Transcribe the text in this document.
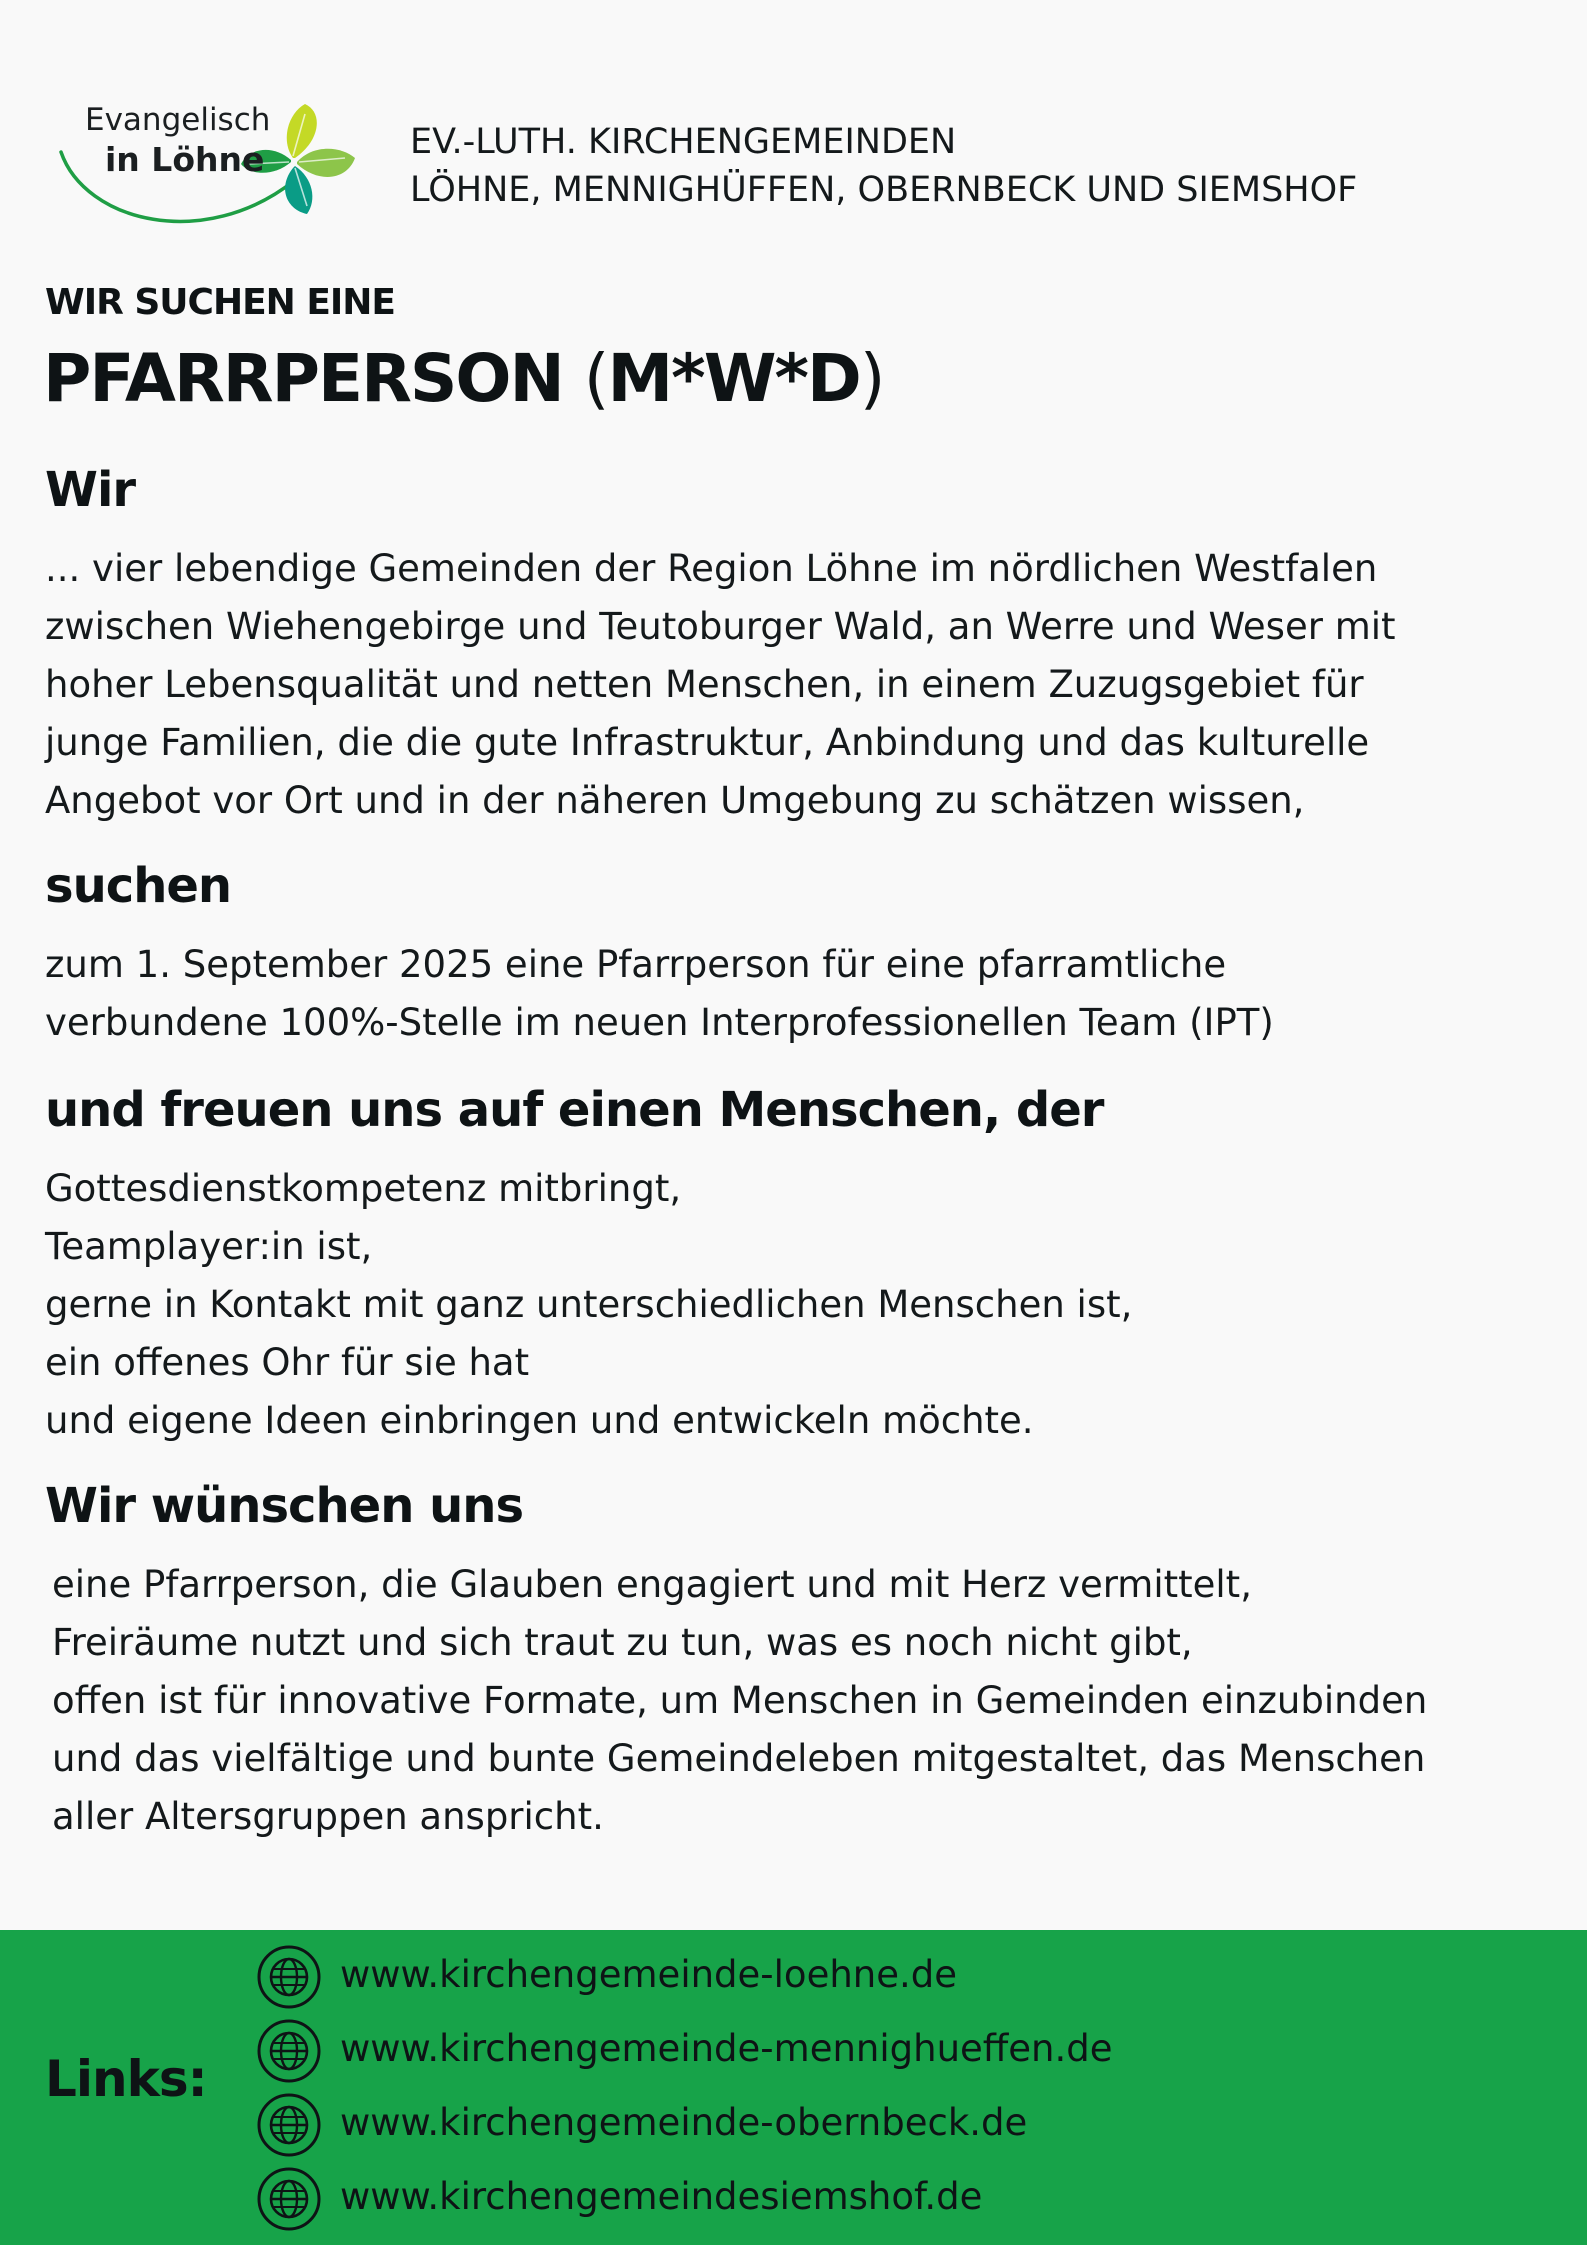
Evangelisch
in Löhne	EV.-LUTH. KIRCHENGEMEINDEN
LÖHNE, MENNIGHÜFFEN, OBERNBECK UND SIEMSHOF
WIR SUCHEN EINE
PFARRPERSON (M*W*D)
Wir
... vier lebendige Gemeinden der Region Löhne im nördlichen Westfalen
zwischen Wiehengebirge und Teutoburger Wald, an Werre und Weser mit
hoher Lebensqualität und netten Menschen, in einem Zuzugsgebiet für
junge Familien, die die gute Infrastruktur, Anbindung und das kulturelle
Angebot vor Ort und in der näheren Umgebung zu schätzen wissen,
suchen
zum 1. September 2025 eine Pfarrperson für eine pfarramtliche
verbundene 100%-Stelle im neuen Interprofessionellen Team (IPT)
und freuen uns auf einen Menschen, der
Gottesdienstkompetenz mitbringt,
Teamplayer:in ist,
gerne in Kontakt mit ganz unterschiedlichen Menschen ist,
ein offenes Ohr für sie hat
und eigene Ideen einbringen und entwickeln möchte.
Wir wünschen uns
eine Pfarrperson, die Glauben engagiert und mit Herz vermittelt,
Freiräume nutzt und sich traut zu tun, was es noch nicht gibt,
offen ist für innovative Formate, um Menschen in Gemeinden einzubinden
und das vielfältige und bunte Gemeindeleben mitgestaltet, das Menschen
aller Altersgruppen anspricht.
Links:
www.kirchengemeinde-loehne.de
www.kirchengemeinde-mennighueffen.de
www.kirchengemeinde-obernbeck.de
www.kirchengemeindesiemshof.de
